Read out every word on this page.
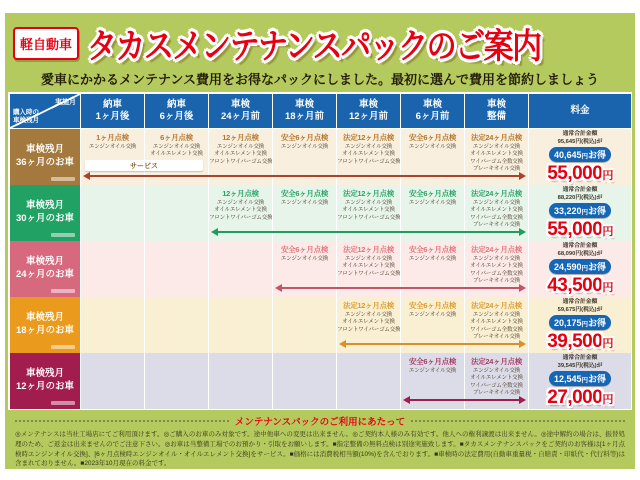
軽自動車 タカスメンテナンスパックのご案内
愛車にかかるメンテナンス費用をお得なパックにしました。最初に選んで費用を節約しましょう
実施月
購入時の
車検残月
納車
1ヶ月後
納車
6ヶ月後
車検
24ヶ月前
車検
18ヶ月前
車検
12ヶ月前
車検
6ヶ月前
車検
整備
料金
車検残月
36ヶ月のお車
1ヶ月点検
エンジンオイル交換
6ヶ月点検
エンジンオイル交換
オイルエレメント交換
12ヶ月点検
エンジンオイル交換
オイルエレメント交換
フロントワイパーゴム交換
安全6ヶ月点検
エンジンオイル交換
法定12ヶ月点検
エンジンオイル交換
オイルエレメント交換
フロントワイパーゴム交換
安全6ヶ月点検
エンジンオイル交換
法定24ヶ月点検
エンジンオイル交換
オイルエレメント交換
ワイパーゴム全数交換
ブレーキオイル交換
通常合計金額
95,645円(税込)が
40,645円お得
55,000円
サービス
車検残月
30ヶ月のお車
12ヶ月点検
エンジンオイル交換
オイルエレメント交換
フロントワイパーゴム交換
安全6ヶ月点検
エンジンオイル交換
法定12ヶ月点検
エンジンオイル交換
オイルエレメント交換
フロントワイパーゴム交換
安全6ヶ月点検
エンジンオイル交換
法定24ヶ月点検
エンジンオイル交換
オイルエレメント交換
ワイパーゴム全数交換
ブレーキオイル交換
通常合計金額
88,220円(税込)が
33,220円お得
55,000円
車検残月
24ヶ月のお車
安全6ヶ月点検
エンジンオイル交換
法定12ヶ月点検
エンジンオイル交換
オイルエレメント交換
フロントワイパーゴム交換
安全6ヶ月点検
エンジンオイル交換
法定24ヶ月点検
エンジンオイル交換
オイルエレメント交換
ワイパーゴム全数交換
ブレーキオイル交換
通常合計金額
68,090円(税込)が
24,590円お得
43,500円
車検残月
18ヶ月のお車
法定12ヶ月点検
エンジンオイル交換
オイルエレメント交換
フロントワイパーゴム交換
安全6ヶ月点検
エンジンオイル交換
法定24ヶ月点検
エンジンオイル交換
オイルエレメント交換
ワイパーゴム全数交換
ブレーキオイル交換
通常合計金額
59,675円(税込)が
20,175円お得
39,500円
車検残月
12ヶ月のお車
安全6ヶ月点検
エンジンオイル交換
法定24ヶ月点検
エンジンオイル交換
オイルエレメント交換
ワイパーゴム全数交換
ブレーキオイル交換
通常合計金額
39,545円(税込)が
12,545円お得
27,000円
メンテナンスパックのご利用にあたって

◎メンテナンスは当社工場店にてご利用頂けます。◎ご購入のお車のみ対象です。途中他車への変更は出来ません。◎ご契約本人様のみ有効です。他人への権利譲渡は出来ません。◎途中解約の場合は、振替処理のため、ご返金は出来ませんのでご注意下さい。◎お車は当整備工場でのお預かり・引取をお願いします。■指定整備の無料点検は別途実施致します。■タカスメンテナンスパックをご契約のお客様は[1ヶ月点検時エンジンオイル交換]、[6ヶ月点検時エンジンオイル・オイルエレメント交換]をサービス。■価格には消費税相当額(10%)を含んでおります。■車検時の法定費用(自動車重量税・自賠責・印紙代・代行料等)は含まれておりません。■2023年10月現在の料金です。
